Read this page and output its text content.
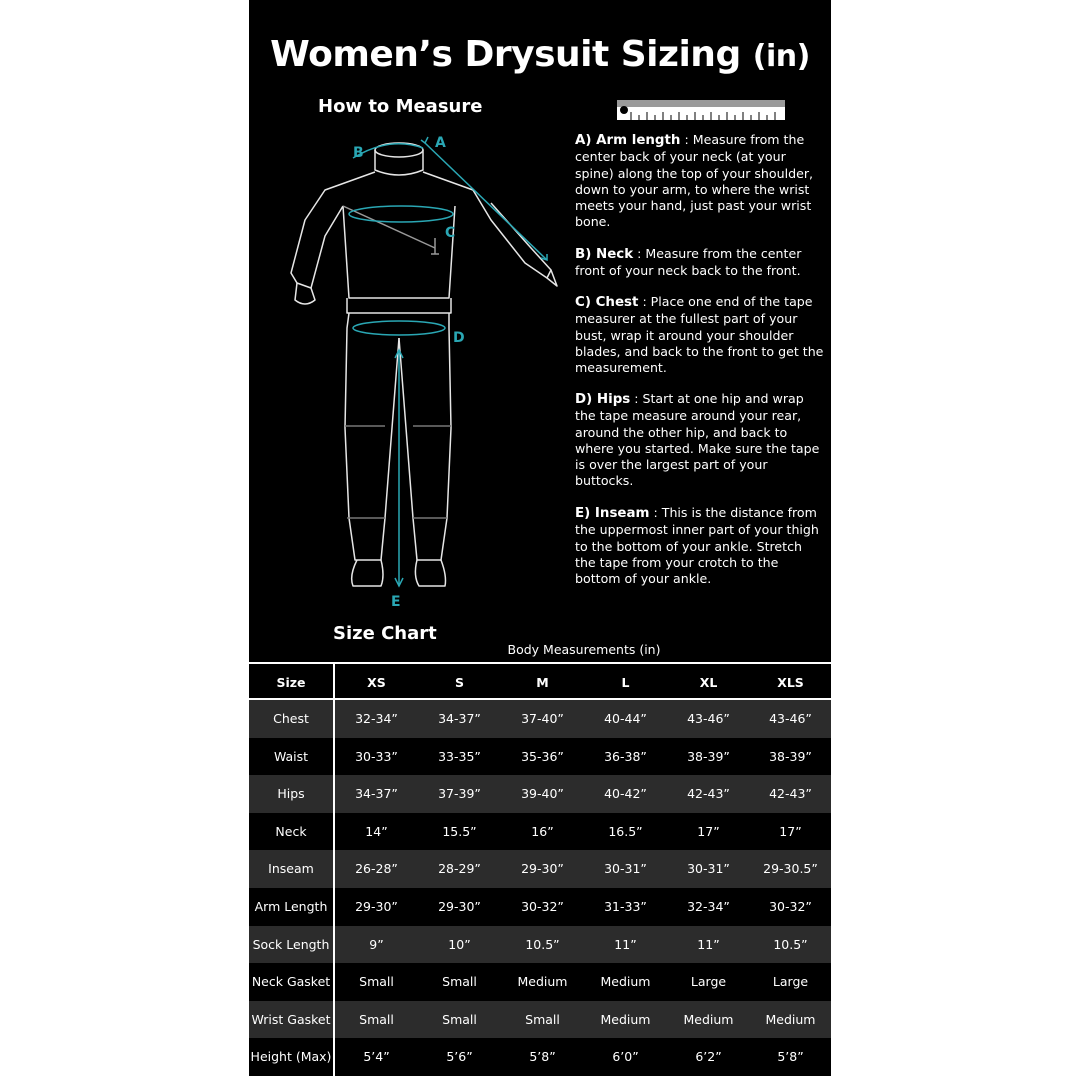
Women’s Drysuit Sizing (in)
How to Measure
A
B
C
D
E
A) Arm length : Measure from the center back of your neck (at your spine) along the top of your shoulder, down to your arm, to where the wrist meets your hand, just past your wrist bone.
B) Neck : Measure from the center front of your neck back to the front.
C) Chest : Place one end of the tape measurer at the fullest part of your bust, wrap it around your shoulder blades, and back to the front to get the measurement.
D) Hips : Start at one hip and wrap the tape measure around your rear, around the other hip, and back to where you started. Make sure the tape is over the largest part of your buttocks.
E) Inseam : This is the distance from the uppermost inner part of your thigh to the bottom of your ankle. Stretch the tape from your crotch to the bottom of your ankle.
Size Chart
Body Measurements (in)
Size	XS	S	M	L	XL	XLS
Chest	32-34”	34-37”	37-40”	40-44”	43-46”	43-46”
Waist	30-33”	33-35”	35-36”	36-38”	38-39”	38-39”
Hips	34-37”	37-39”	39-40”	40-42”	42-43”	42-43”
Neck	14”	15.5”	16”	16.5”	17”	17”
Inseam	26-28”	28-29”	29-30”	30-31”	30-31”	29-30.5”
Arm Length	29-30”	29-30”	30-32”	31-33”	32-34”	30-32”
Sock Length	9”	10”	10.5”	11”	11”	10.5”
Neck Gasket	Small	Small	Medium	Medium	Large	Large
Wrist Gasket	Small	Small	Small	Medium	Medium	Medium
Height (Max)	5’4”	5’6”	5’8”	6’0”	6’2”	5’8”
